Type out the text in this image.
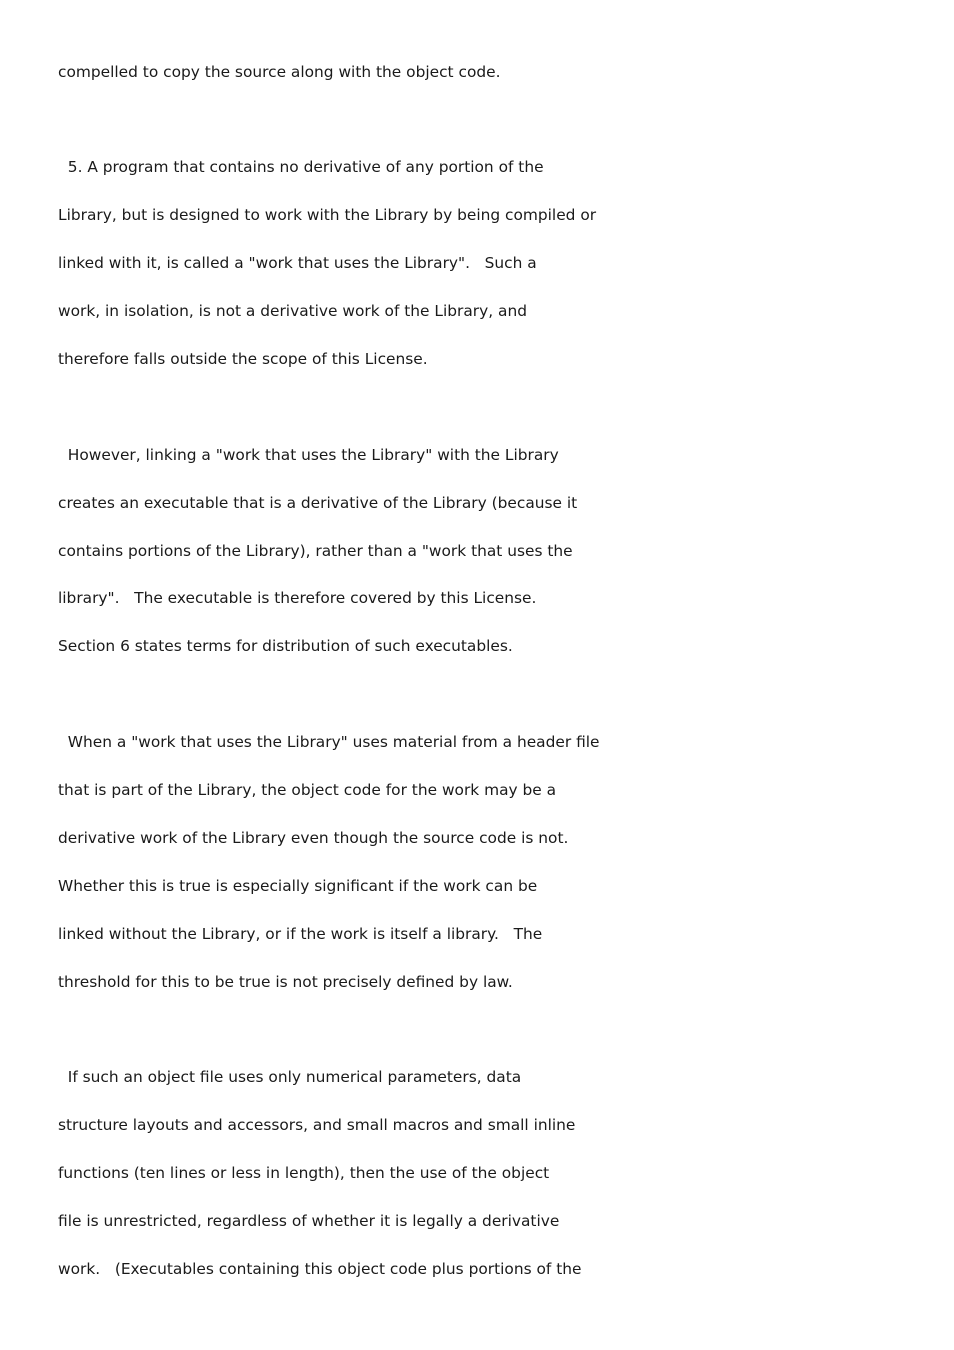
compelled to copy the source along with the object code.

5. A program that contains no derivative of any portion of the

Library, but is designed to work with the Library by being compiled or

linked with it, is called a "work that uses the Library".   Such a

work, in isolation, is not a derivative work of the Library, and

therefore falls outside the scope of this License.

However, linking a "work that uses the Library" with the Library

creates an executable that is a derivative of the Library (because it

contains portions of the Library), rather than a "work that uses the

library".   The executable is therefore covered by this License.

Section 6 states terms for distribution of such executables.

When a "work that uses the Library" uses material from a header file

that is part of the Library, the object code for the work may be a

derivative work of the Library even though the source code is not.

Whether this is true is especially significant if the work can be

linked without the Library, or if the work is itself a library.   The

threshold for this to be true is not precisely defined by law.

If such an object file uses only numerical parameters, data

structure layouts and accessors, and small macros and small inline

functions (ten lines or less in length), then the use of the object

file is unrestricted, regardless of whether it is legally a derivative

work.   (Executables containing this object code plus portions of the
